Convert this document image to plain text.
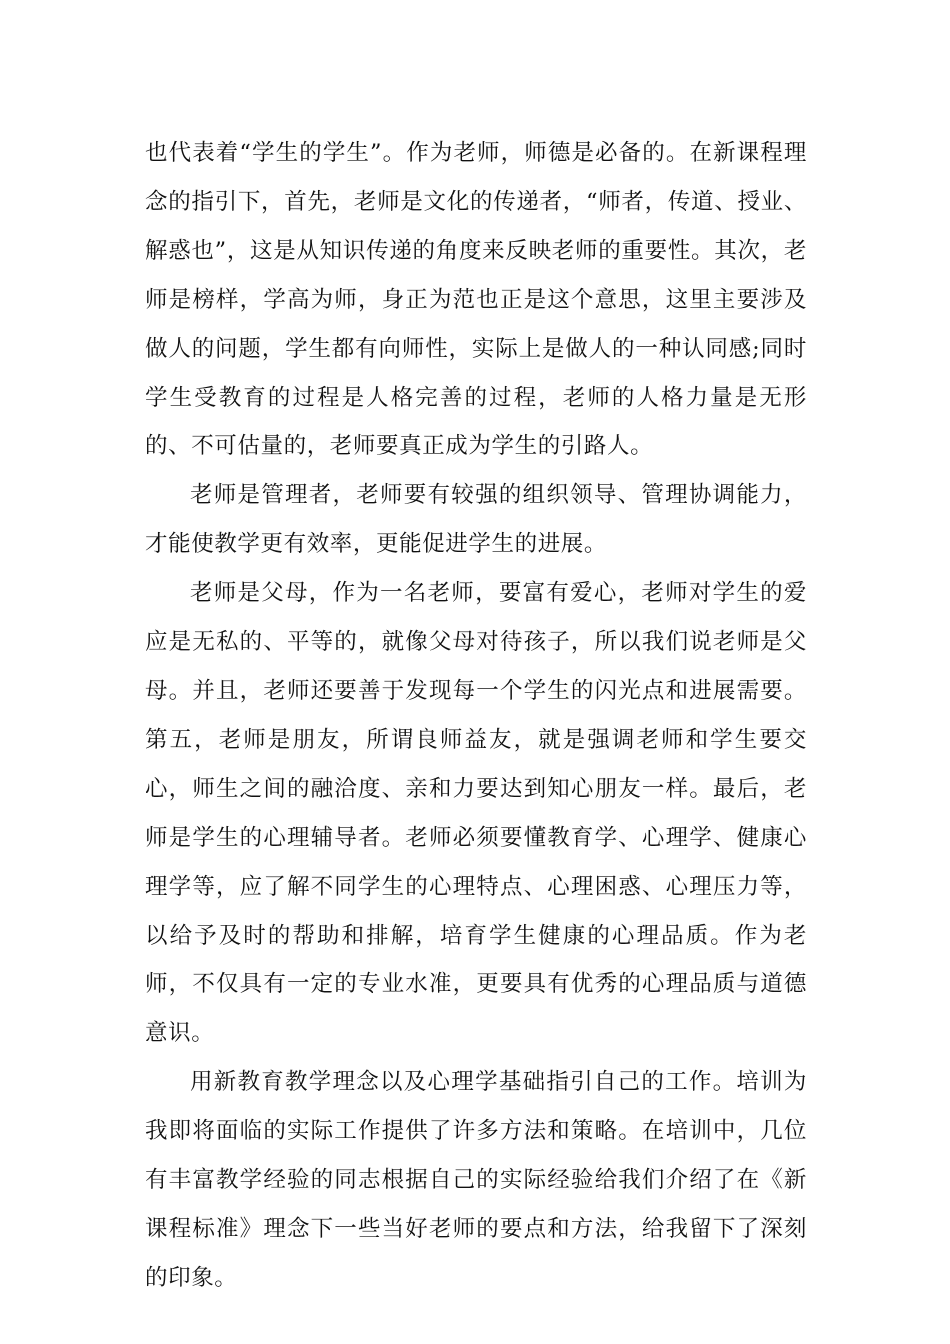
也代表着“学生的学生”。作为老师，师德是必备的。在新课程理念的指引下，首先，老师是文化的传递者，“师者，传道、授业、解惑也”，这是从知识传递的角度来反映老师的重要性。其次，老师是榜样，学高为师，身正为范也正是这个意思，这里主要涉及做人的问题，学生都有向师性，实际上是做人的一种认同感;同时学生受教育的过程是人格完善的过程，老师的人格力量是无形的、不可估量的，老师要真正成为学生的引路人。

老师是管理者，老师要有较强的组织领导、管理协调能力，才能使教学更有效率，更能促进学生的进展。

老师是父母，作为一名老师，要富有爱心，老师对学生的爱应是无私的、平等的，就像父母对待孩子，所以我们说老师是父母。并且，老师还要善于发现每一个学生的闪光点和进展需要。第五，老师是朋友，所谓良师益友，就是强调老师和学生要交心，师生之间的融洽度、亲和力要达到知心朋友一样。最后，老师是学生的心理辅导者。老师必须要懂教育学、心理学、健康心理学等，应了解不同学生的心理特点、心理困惑、心理压力等，以给予及时的帮助和排解，培育学生健康的心理品质。作为老师，不仅具有一定的专业水准，更要具有优秀的心理品质与道德意识。

用新教育教学理念以及心理学基础指引自己的工作。培训为我即将面临的实际工作提供了许多方法和策略。在培训中，几位有丰富教学经验的同志根据自己的实际经验给我们介绍了在《新课程标准》理念下一些当好老师的要点和方法，给我留下了深刻的印象。
